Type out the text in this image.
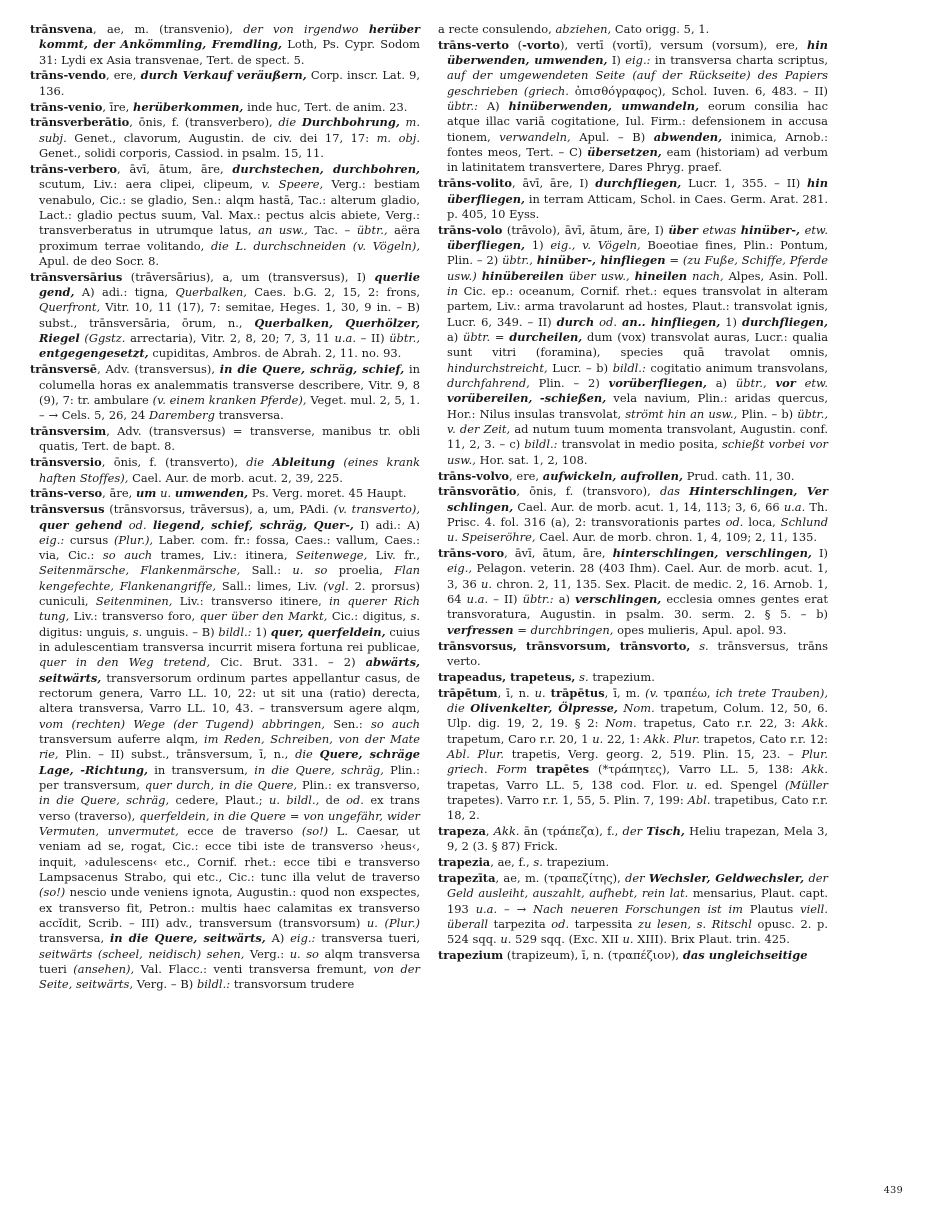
trānsvena, ae, m. (transvenio), der von irgendwo herüber​kommt, der Ankömmling, Fremdling, Loth, Ps. Cypr. Sodom 31: Lydi ex Asia transvenae, Tert. de spect. 5.

trāns-vendo, ere, durch Verkauf veräußern, Corp. inscr. Lat. 9, 136.

trāns-venio, īre, herüberkommen, inde huc, Tert. de anim. 23.

trānsverberātio, ōnis, f. (transverbero), die Durchbohrung, m. subj. Genet., clavorum, Augustin. de civ. dei 17, 17: m. obj. Genet., solidi corporis, Cassiod. in psalm. 15, 11.

trāns-verbero, āvī, ātum, āre, durchstechen, durchbohren, scutum, Liv.: aera clipei, clipeum, v. Speere, Verg.: bestiam venabulo, Cic.: se gladio, Sen.: alqm hastā, Tac.: alterum gladio, Lact.: gladio pectus suum, Val. Max.: pectus alcis abiete, Verg.: transverberatus in utrumque latus, an usw., Tac. – übtr., aëra proximum terrae volitando, die L. durchschneiden (v. Vögeln), Apul. de deo Socr. 8.

trānsversārius (trāversārius), a, um (transversus), I) querlie​gend, A) adi.: tigna, Querbalken, Caes. b.G. 2, 15, 2: frons, Querfront, Vitr. 10, 11 (17), 7: semitae, Heges. 1, 30, 9 in. – B) subst., trānsversāria, ōrum, n., Querbalken, Querhölzer, Riegel (Ggstz. arrectaria), Vitr. 2, 8, 20; 7, 3, 11 u.a. – II) übtr., entgegengesetzt, cupiditas, Ambros. de Abrah. 2, 11. no. 93.

trānsversē, Adv. (transversus), in die Quere, schräg, schief, in columella horas ex analemmatis transverse describere, Vitr. 9, 8 (9), 7: tr. ambulare (v. einem kranken Pferde), Veget. mul. 2, 5, 1. – → Cels. 5, 26, 24 Daremberg transversa.

trānsversim, Adv. (transversus) = transverse, manibus tr. obli​quatis, Tert. de bapt. 8.

trānsversio, ōnis, f. (transverto), die Ableitung (eines krank​haften Stoffes), Cael. Aur. de morb. acut. 2, 39, 225.

trāns-verso, āre, um u. umwenden, Ps. Verg. moret. 45 Haupt.

trānsversus (trānsvorsus, trāversus), a, um, PAdi. (v. transver​to), quer gehend od. liegend, schief, schräg, Quer-, I) adi.: A) eig.: cursus (Plur.), Laber. com. fr.: fossa, Caes.: vallum, Caes.: via, Cic.: so auch trames, Liv.: itinera, Seitenwege, Liv. fr., Seitenmärsche, Flankenmärsche, Sall.: u. so proelia, Flan​kengefechte, Flankenangriffe, Sall.: limes, Liv. (vgl. 2. prorsus) cuniculi, Seitenminen, Liv.: transverso itinere, in querer Rich​tung, Liv.: transverso foro, quer über den Markt, Cic.: digitus, s. digitus: unguis, s. unguis. – B) bildl.: 1) quer, querfeldein, cuius in adulescentiam transversa incurrit misera fortuna rei publicae, quer in den Weg tretend, Cic. Brut. 331. – 2) abwärts, seitwärts, transversorum ordinum partes appellantur casus, de​rectorum genera, Varro LL. 10, 22: ut sit una (ratio) derecta, altera transversa, Varro LL. 10, 43. – transversum agere alqm, vom (rechten) Wege (der Tugend) abbringen, Sen.: so auch transversum auferre alqm, im Reden, Schreiben, von der Mate​rie, Plin. – II) subst., trānsversum, ī, n., die Quere, schräge Lage, -Richtung, in transversum, in die Quere, schräg, Plin.: per transversum, quer durch, in die Quere, Plin.: ex transverso, in die Quere, schräg, cedere, Plaut.; u. bildl., de od. ex trans​verso (traverso), querfeldein, in die Quere = von ungefähr, wider Vermuten, unvermutet, ecce de traverso (so!) L. Caesar, ut veniam ad se, rogat, Cic.: ecce tibi iste de transverso ›heus‹, inquit, ›adulescens‹ etc., Cornif. rhet.: ecce tibi e transverso Lampsacenus Strabo, qui etc., Cic.: tunc illa velut de traverso (so!) nescio unde veniens ignota, Augustin.: quod non exspec​tes, ex transverso fit, Petron.: multis haec calamitas ex transver​so accĭdit, Scrib. – III) adv., transversum (transvorsum) u. (Plur.) transversa, in die Quere, seitwärts, A) eig.: transversa tueri, seitwärts (scheel, neidisch) sehen, Verg.: u. so alqm transversa tueri (ansehen), Val. Flacc.: venti transversa fremunt, von der Seite, seitwärts, Verg. – B) bildl.: transvorsum trudere

a recte consulendo, abziehen, Cato origg. 5, 1.

trāns-verto (-vorto), vertī (vortī), versum (vorsum), ere, hin​überwenden, umwenden, I) eig.: in transversa charta scriptus, auf der umgewendeten Seite (auf der Rückseite) des Papiers geschrieben (griech. ὀπισθόγραφος), Schol. Iuven. 6, 483. – II) übtr.: A) hinüberwenden, umwandeln, eorum consilia hac atque illac variā cogitatione, Iul. Firm.: defensionem in accusa​tionem, verwandeln, Apul. – B) abwenden, inimica, Arnob.: fontes meos, Tert. – C) übersetzen, eam (historiam) ad verbum in latinitatem transvertere, Dares Phryg. praef.

trāns-volito, āvī, āre, I) durchfliegen, Lucr. 1, 355. – II) hin​überfliegen, in terram Atticam, Schol. in Caes. Germ. Arat. 281. p. 405, 10 Eyss.

trāns-volo (trāvolo), āvī, ātum, āre, I) über etwas hinüber-, etw. überfliegen, 1) eig., v. Vögeln, Boeotiae fines, Plin.: Pontum, Plin. – 2) übtr., hinüber-, hinfliegen = (zu Fuße, Schiffe, Pferde usw.) hinübereilen über usw., hineilen nach, Alpes, Asin. Poll. in Cic. ep.: oceanum, Cornif. rhet.: eques transvolat in alteram partem, Liv.: arma travolarunt ad hostes, Plaut.: transvolat ignis, Lucr. 6, 349. – II) durch od. an.. hinfliegen, 1) durchfliegen, a) übtr. = durcheilen, dum (vox) transvolat auras, Lucr.: qualia sunt vitri (foramina), species quā travolat omnis, hindurchstreicht, Lucr. – b) bildl.: cogitatio animum transvolans, durchfahrend, Plin. – 2) vorüberfliegen, a) übtr., vor etw. vorübereilen, -schießen, vela navium, Plin.: aridas quercus, Hor.: Nilus insulas transvolat, strömt hin an usw., Plin. – b) übtr., v. der Zeit, ad nutum tuum momenta transvolant, Augustin. conf. 11, 2, 3. – c) bildl.: transvolat in medio posita, schießt vorbei vor usw., Hor. sat. 1, 2, 108.

trāns-volvo, ere, aufwickeln, aufrollen, Prud. cath. 11, 30.

trānsvorātio, ōnis, f. (transvoro), das Hinterschlingen, Ver​schlingen, Cael. Aur. de morb. acut. 1, 14, 113; 3, 6, 66 u.a. Th. Prisc. 4. fol. 316 (a), 2: transvorationis partes od. loca, Schlund u. Speiseröhre, Cael. Aur. de morb. chron. 1, 4, 109; 2, 11, 135.

trāns-voro, āvī, ātum, āre, hinterschlingen, verschlingen, I) eig., Pelagon. veterin. 28 (403 Ihm). Cael. Aur. de morb. acut. 1, 3, 36 u. chron. 2, 11, 135. Sex. Placit. de medic. 2, 16. Ar​nob. 1, 64 u.a. – II) übtr.: a) verschlingen, ecclesia omnes gentes erat transvoratura, Augustin. in psalm. 30. serm. 2. § 5. – b) verfressen = durchbringen, opes mulieris, Apul. apol. 93.

trānsvorsus, trānsvorsum, trānsvorto, s. trānsversus, trāns​verto.

trapeadus, trapeteus, s. trapezium.

trāpētum, ī, n. u. trāpētus, ī, m. (v. τραπέω, ich trete Trauben), die Olivenkelter, Ölpresse, Nom. trapetum, Colum. 12, 50, 6. Ulp. dig. 19, 2, 19. § 2: Nom. trapetus, Cato r.r. 22, 3: Akk. trapetum, Caro r.r. 20, 1 u. 22, 1: Akk. Plur. trapetos, Cato r.r. 12: Abl. Plur. trapetis, Verg. georg. 2, 519. Plin. 15, 23. – Plur. griech. Form trapētes (*τράπητες), Varro LL. 5, 138: Akk. trapetas, Varro LL. 5, 138 cod. Flor. u. ed. Spengel (Müller trapetes). Varro r.r. 1, 55, 5. Plin. 7, 199: Abl. trapetibus, Cato r.r. 18, 2.

trapeza, Akk. ān (τράπεζα), f., der Tisch, Heliu trapezan, Mela 3, 9, 2 (3. § 87) Frick.

trapezia, ae, f., s. trapezium.

trapezīta, ae, m. (τραπεζίτης), der Wechsler, Geldwechsler, der Geld ausleiht, auszahlt, aufhebt, rein lat. mensarius, Plaut. capt. 193 u.a. – → Nach neueren Forschungen ist im Plautus viell. überall tarpezita od. tarpessita zu lesen, s. Ritschl opusc. 2. p. 524 sqq. u. 529 sqq. (Exc. XII u. XIII). Brix Plaut. trin. 425.

trapezium (trapizeum), ī, n. (τραπέζιον), das ungleichseitige

439
